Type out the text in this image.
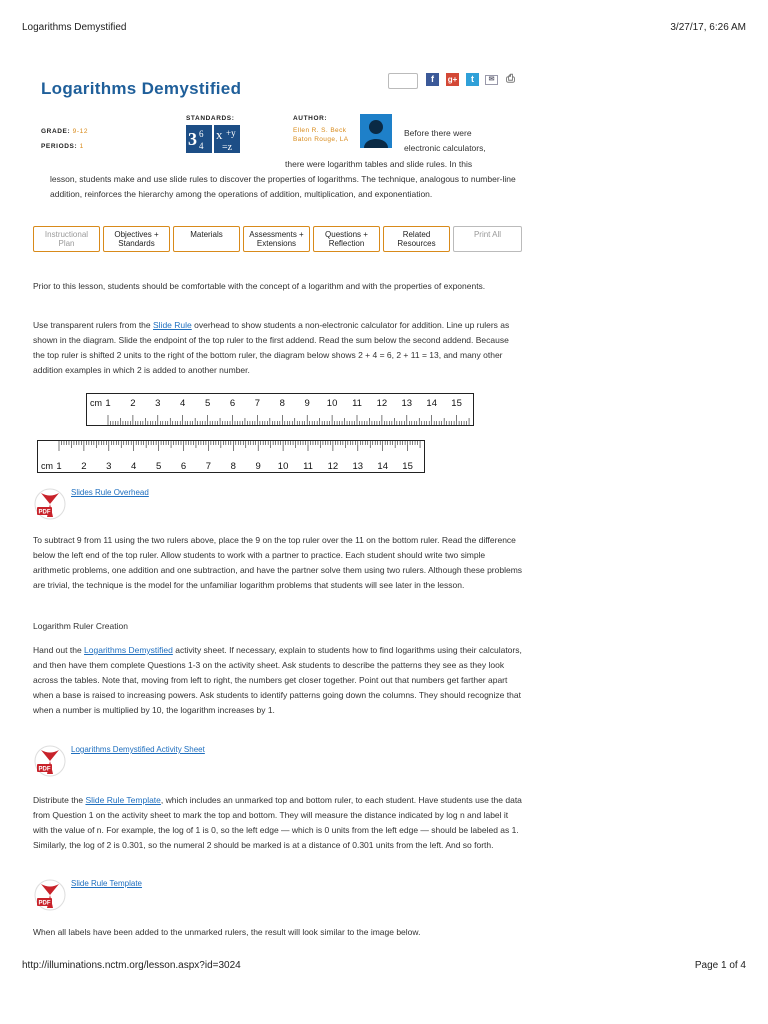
Logarithms Demystified	3/27/17, 6:26 AM
Logarithms Demystified	f	g+	t	✉	⎙
GRADE: 9-12
PERIODS: 1
STANDARDS:
3 6
4
x +y
=z
AUTHOR:
Ellen R. S. Beck
Baton Rouge, LA
Before there were electronic calculators,
there were logarithm tables and slide rules. In this
lesson, students make and use slide rules to discover the properties of logarithms. The technique, analogous to number-line addition, reinforces the hierarchy among the operations of addition, multiplication, and exponentiation.
Instructional
Plan
Objectives +
Standards
Materials	Assessments +
Extensions
Questions +
Reflection
Related
Resources
Print All
Prior to this lesson, students should be comfortable with the concept of a logarithm and with the properties of exponents.
Use transparent rulers from the Slide Rule overhead to show students a non-electronic calculator for addition. Line up rulers as shown in the diagram. Slide the endpoint of the top ruler to the first addend. Read the sum below the second addend. Because the top ruler is shifted 2 units to the right of the bottom ruler, the diagram below shows 2 + 4 = 6, 2 + 11 = 13, and many other addition examples in which 2 is added to another number.
cm 1 2 3 4 5 6 7 8 9 10 11 12 13 14 15
cm 1 2 3 4 5 6 7 8 9 10 11 12 13 14 15
PDF
Slides Rule Overhead
To subtract 9 from 11 using the two rulers above, place the 9 on the top ruler over the 11 on the bottom ruler. Read the difference below the left end of the top ruler. Allow students to work with a partner to practice. Each student should write two simple arithmetic problems, one addition and one subtraction, and have the partner solve them using two rulers. Although these problems are trivial, the technique is the model for the unfamiliar logarithm problems that students will see later in the lesson.
Logarithm Ruler Creation
Hand out the Logarithms Demystified activity sheet. If necessary, explain to students how to find logarithms using their calculators, and then have them complete Questions 1-3 on the activity sheet. Ask students to describe the patterns they see as they look across the tables. Note that, moving from left to right, the numbers get closer together. Point out that numbers get farther apart when a base is raised to increasing powers. Ask students to identify patterns going down the columns. They should recognize that when a number is multiplied by 10, the logarithm increases by 1.
PDF
Logarithms Demystified Activity Sheet
Distribute the Slide Rule Template, which includes an unmarked top and bottom ruler, to each student. Have students use the data from Question 1 on the activity sheet to mark the top and bottom. They will measure the distance indicated by log n and label it with the value of n. For example, the log of 1 is 0, so the left edge — which is 0 units from the left edge — should be labeled as 1. Similarly, the log of 2 is 0.301, so the numeral 2 should be marked is at a distance of 0.301 units from the left. And so forth.
PDF
Slide Rule Template
When all labels have been added to the unmarked rulers, the result will look similar to the image below.
http://illuminations.nctm.org/lesson.aspx?id=3024	Page 1 of 4
